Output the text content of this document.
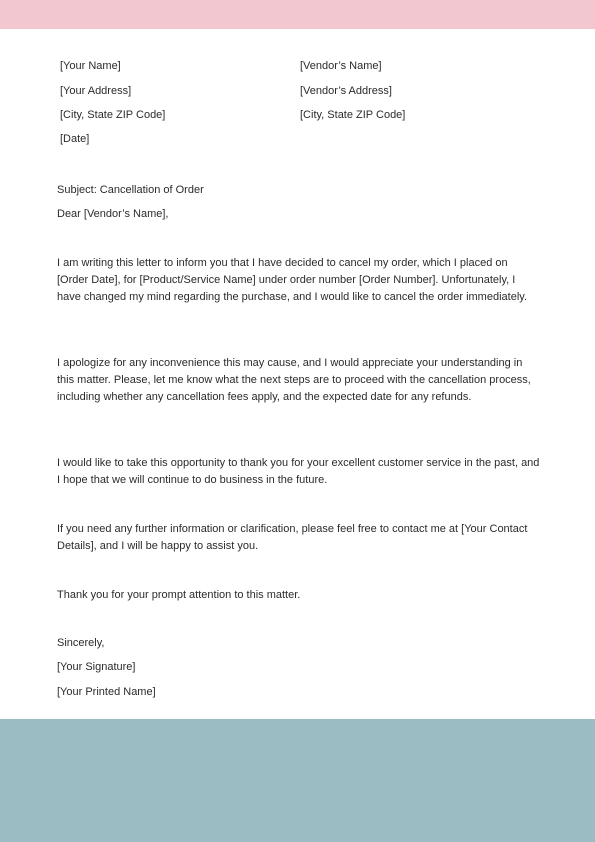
[Your Name]

[Your Address]

[City, State ZIP Code]

[Date]

[Vendor’s Name]

[Vendor’s Address]

[City, State ZIP Code]

Subject: Cancellation of Order

Dear [Vendor’s Name],

I am writing this letter to inform you that I have decided to cancel my order, which I placed on [Order Date], for [Product/Service Name] under order number [Order Number]. Unfortunately, I have changed my mind regarding the purchase, and I would like to cancel the order immediately.

I apologize for any inconvenience this may cause, and I would appreciate your understanding in this matter. Please, let me know what the next steps are to proceed with the cancellation process, including whether any cancellation fees apply, and the expected date for any refunds.

I would like to take this opportunity to thank you for your excellent customer service in the past, and I hope that we will continue to do business in the future.

If you need any further information or clarification, please feel free to contact me at [Your Contact Details], and I will be happy to assist you.

Thank you for your prompt attention to this matter.

Sincerely,

[Your Signature]

[Your Printed Name]
